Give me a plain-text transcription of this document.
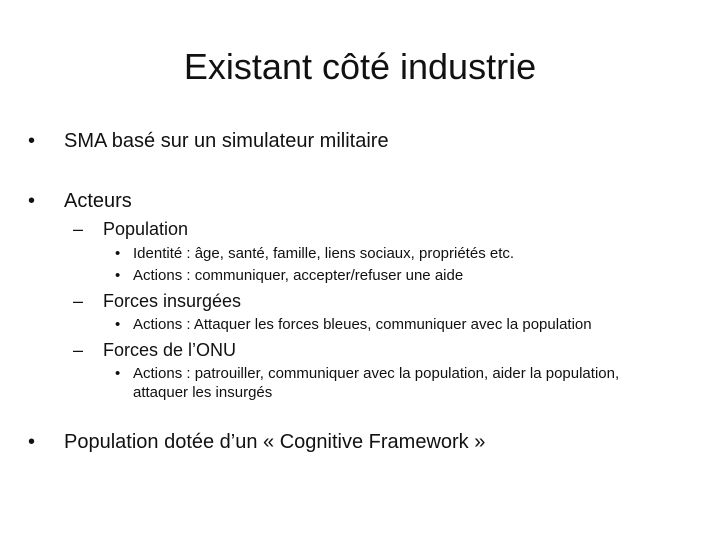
Existant côté industrie
• SMA basé sur un simulateur militaire
• Acteurs
– Population
• Identité : âge, santé, famille, liens sociaux, propriétés etc.
• Actions : communiquer, accepter/refuser une aide
– Forces insurgées
• Actions : Attaquer les forces bleues, communiquer avec la population
– Forces de l’ONU
• Actions : patrouiller, communiquer avec la population, aider la population, attaquer les insurgés
• Population dotée d’un « Cognitive Framework »
